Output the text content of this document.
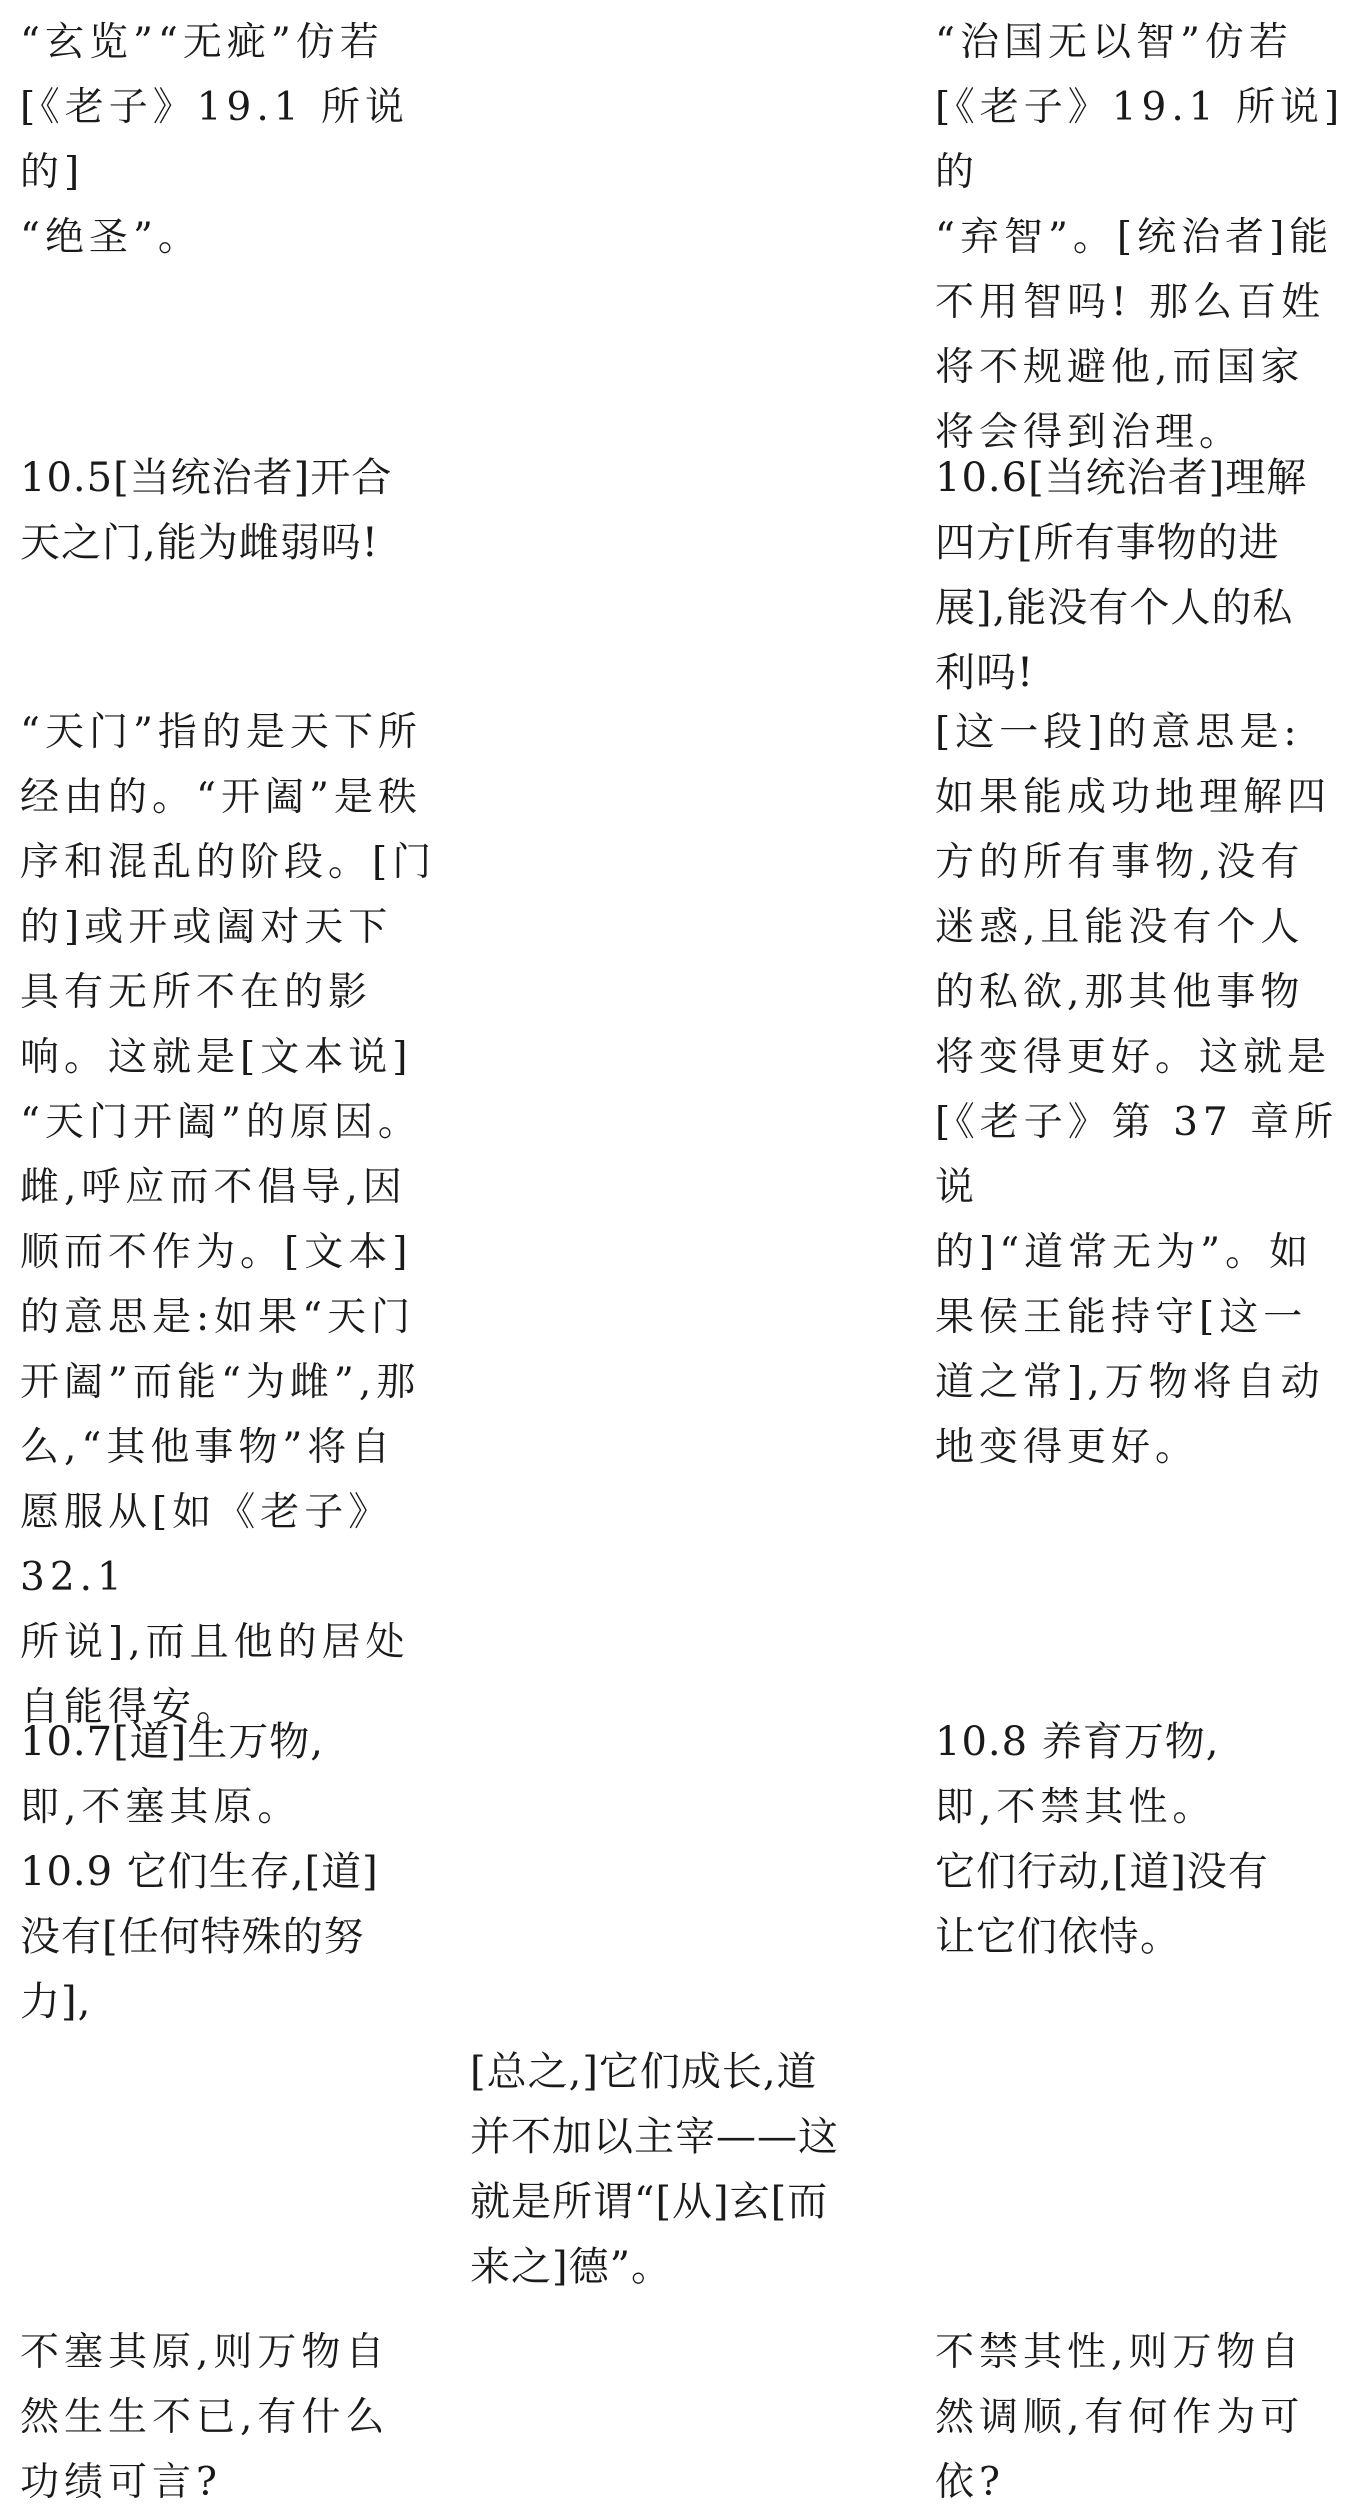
“玄览”“无疵”仿若
[《老子》19.1 所说的]
“绝圣”。

10.5[当统治者]开合
天之门,能为雌弱吗!

“天门”指的是天下所
经由的。“开阖”是秩
序和混乱的阶段。[门
的]或开或阖对天下
具有无所不在的影
响。这就是[文本说]
“天门开阖”的原因。
雌,呼应而不倡导,因
顺而不作为。[文本]
的意思是:如果“天门
开阖”而能“为雌”,那
么,“其他事物”将自
愿服从[如《老子》32.1
所说],而且他的居处
自能得安。

10.7[道]生万物,

即,不塞其原。

10.9 它们生存,[道]
没有[任何特殊的努
力],

不塞其原,则万物自
然生生不已,有什么
功绩可言?

[总之,]它们成长,道
并不加以主宰——这
就是所谓“[从]玄[而
来之]德”。

“治国无以智”仿若
[《老子》19.1 所说]的
“弃智”。[统治者]能
不用智吗! 那么百姓
将不规避他,而国家
将会得到治理。

10.6[当统治者]理解
四方[所有事物的进
展],能没有个人的私
利吗!

[这一段]的意思是:
如果能成功地理解四
方的所有事物,没有
迷惑,且能没有个人
的私欲,那其他事物
将变得更好。这就是
[《老子》第 37 章所说
的]“道常无为”。如
果侯王能持守[这一
道之常],万物将自动
地变得更好。

10.8 养育万物,

即,不禁其性。

它们行动,[道]没有
让它们依恃。

不禁其性,则万物自
然调顺,有何作为可
依?
